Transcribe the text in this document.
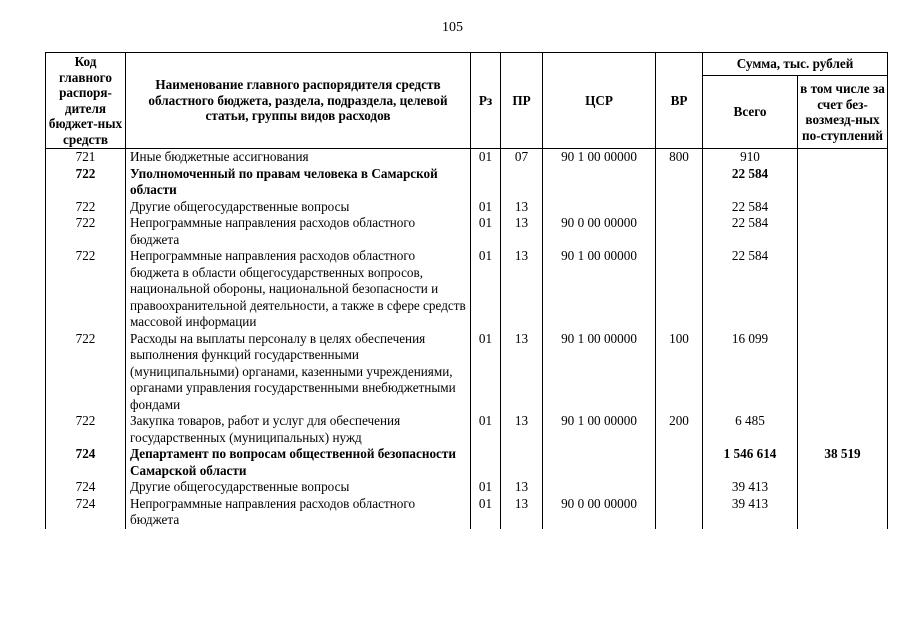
105
Код главного распоря-дителя бюджет-ных средств	Наименование главного распорядителя средств областного бюджета, раздела, подраздела, целевой статьи, группы видов расходов	Рз	ПР	ЦСР	ВР	Сумма, тыс. рублей	
						Всего	в том числе за счет без-возмезд-ных по-ступлений
721	Иные бюджетные ассигнования	01	07	90 1 00 00000	800	910	
722	Уполномоченный по правам человека в Самарской области					22 584	
722	Другие общегосударственные вопросы	01	13			22 584	
722	Непрограммные направления расходов областного бюджета	01	13	90 0 00 00000		22 584	
722	Непрограммные направления расходов областного бюджета в области общегосударственных вопросов, национальной обороны, национальной безопасности и правоохранительной деятельности, а также в сфере средств массовой информации	01	13	90 1 00 00000		22 584	
722	Расходы на выплаты персоналу в целях обеспечения выполнения функций государственными (муниципальными) органами, казенными учреждениями, органами управления государственными внебюджетными фондами	01	13	90 1 00 00000	100	16 099	
722	Закупка товаров, работ и услуг для обеспечения государственных (муниципальных) нужд	01	13	90 1 00 00000	200	6 485	
724	Департамент по вопросам общественной безопасности Самарской области					1 546 614	38 519
724	Другие общегосударственные вопросы	01	13			39 413	
724	Непрограммные направления расходов областного бюджета	01	13	90 0 00 00000		39 413	
